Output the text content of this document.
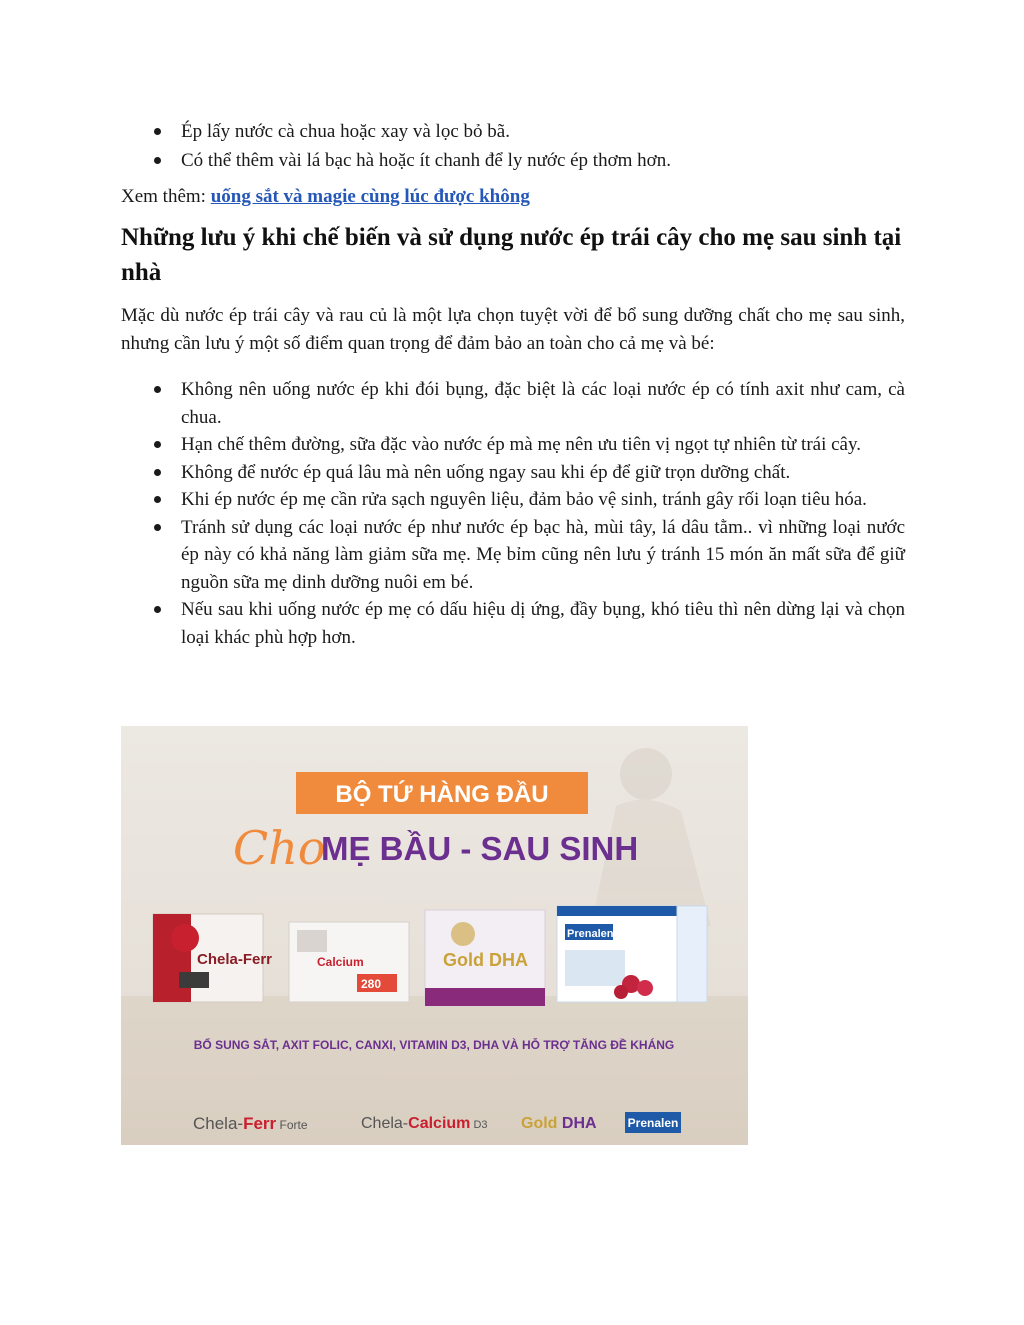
Ép lấy nước cà chua hoặc xay và lọc bỏ bã.
Có thể thêm vài lá bạc hà hoặc ít chanh để ly nước ép thơm hơn.
Xem thêm: uống sắt và magie cùng lúc được không
Những lưu ý khi chế biến và sử dụng nước ép trái cây cho mẹ sau sinh tại nhà

Mặc dù nước ép trái cây và rau củ là một lựa chọn tuyệt vời để bổ sung dưỡng chất cho mẹ sau sinh, nhưng cần lưu ý một số điểm quan trọng để đảm bảo an toàn cho cả mẹ và bé:

Không nên uống nước ép khi đói bụng, đặc biệt là các loại nước ép có tính axit như cam, cà chua.
Hạn chế thêm đường, sữa đặc vào nước ép mà mẹ nên ưu tiên vị ngọt tự nhiên từ trái cây.
Không để nước ép quá lâu mà nên uống ngay sau khi ép để giữ trọn dưỡng chất.
Khi ép nước ép mẹ cần rửa sạch nguyên liệu, đảm bảo vệ sinh, tránh gây rối loạn tiêu hóa.
Tránh sử dụng các loại nước ép như nước ép bạc hà, mùi tây, lá dâu tằm.. vì những loại nước ép này có khả năng làm giảm sữa mẹ. Mẹ bỉm cũng nên lưu ý tránh 15 món ăn mất sữa để giữ nguồn sữa mẹ dinh dưỡng nuôi em bé.
Nếu sau khi uống nước ép mẹ có dấu hiệu dị ứng, đầy bụng, khó tiêu thì nên dừng lại và chọn loại khác phù hợp hơn.
BỘ TỨ HÀNG ĐẦU
Cho
MẸ BẦU - SAU SINH
Chela-Ferr	Calcium
280
Gold DHA
Prenalen
BỔ SUNG SẮT, AXIT FOLIC, CANXI, VITAMIN D3, DHA VÀ HỖ TRỢ TĂNG ĐỀ KHÁNG
Chela-Ferr Forte	Chela-Calcium D3 Gold DHA	Prenalen
